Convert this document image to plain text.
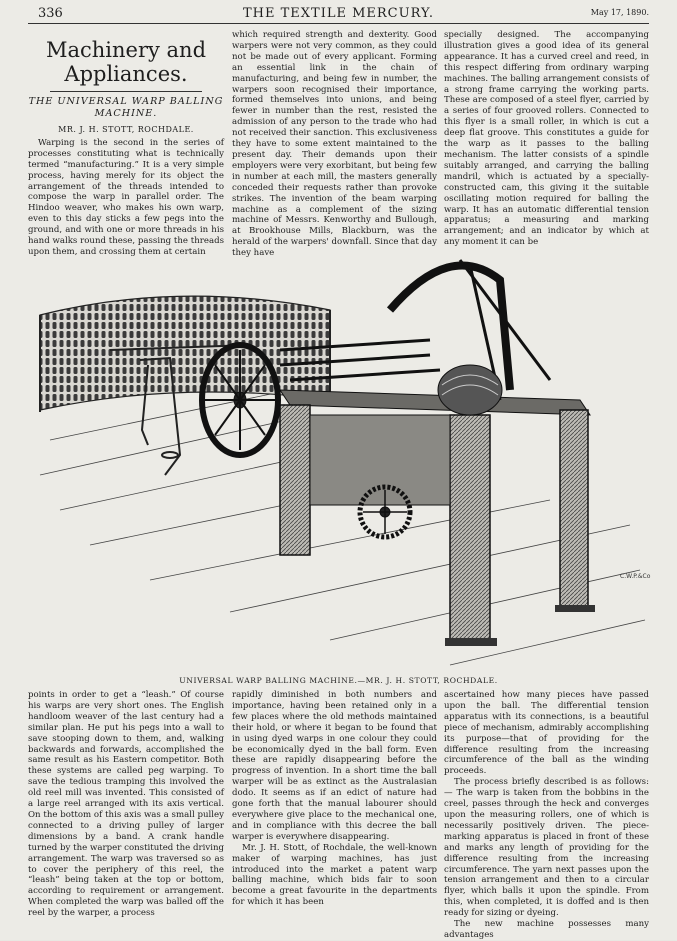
336	THE TEXTILE MERCURY.	May 17, 1890.
Machinery and
Appliances.
THE UNIVERSAL WARP BALLING MACHINE.
MR. J. H. STOTT, ROCHDALE.

Warping is the second in the series of processes constituting what is technically termed “manufacturing.” It is a very simple process, having merely for its object the arrangement of the threads intended to compose the warp in parallel order. The Hindoo weaver, who makes his own warp, even to this day sticks a few pegs into the ground, and with one or more threads in his hand walks round these, passing the threads upon them, and crossing them at certain

which required strength and dexterity. Good warpers were not very common, as they could not be made out of every applicant. Forming an essential link in the chain of manufacturing, and being few in number, the warpers soon recognised their importance, formed themselves into unions, and being fewer in number than the rest, resisted the admission of any person to the trade who had not received their sanction. This exclusiveness they have to some extent maintained to the present day. Their demands upon their employers were very exorbitant, but being few in number at each mill, the masters generally conceded their requests rather than provoke strikes. The invention of the beam warping machine as a complement of the sizing machine of Messrs. Kenworthy and Bullough, at Brookhouse Mills, Blackburn, was the herald of the warpers' downfall. Since that day they have

specially designed. The accompanying illustration gives a good idea of its general appearance. It has a curved creel and reed, in this respect differing from ordinary warping machines. The balling arrangement consists of a strong frame carrying the working parts. These are composed of a steel flyer, carried by a series of four grooved rollers. Connected to this flyer is a small roller, in which is cut a deep flat groove. This constitutes a guide for the warp as it passes to the balling mechanism. The latter consists of a spindle suitably arranged, and carrying the balling mandril, which is actuated by a specially-constructed cam, this giving it the suitable oscillating motion required for balling the warp. It has an automatic differential tension apparatus; a measuring and marking arrangement; and an indicator by which at any moment it can be

C.W.P.&Co
UNIVERSAL WARP BALLING MACHINE.—MR. J. H. STOTT, ROCHDALE.

points in order to get a “leash.” Of course his warps are very short ones. The English handloom weaver of the last century had a similar plan. He put his pegs into a wall to save stooping down to them, and, walking backwards and forwards, accomplished the same result as his Eastern competitor. Both these systems are called peg warping. To save the tedious tramping this involved the old reel mill was invented. This consisted of a large reel arranged with its axis vertical. On the bottom of this axis was a small pulley connected to a driving pulley of larger dimensions by a band. A crank handle turned by the warper constituted the driving arrangement. The warp was traversed so as to cover the periphery of this reel, the “leash” being taken at the top or bottom, according to requirement or arrangement. When completed the warp was balled off the reel by the warper, a process

rapidly diminished in both numbers and importance, having been retained only in a few places where the old methods maintained their hold, or where it began to be found that in using dyed warps in one colour they could be economically dyed in the ball form. Even these are rapidly disappearing before the progress of invention. In a short time the ball warper will be as extinct as the Australasian dodo. It seems as if an edict of nature had gone forth that the manual labourer should everywhere give place to the mechanical one, and in compliance with this decree the ball warper is everywhere disappearing.

Mr. J. H. Stott, of Rochdale, the well-known maker of warping machines, has just introduced into the market a patent warp balling machine, which bids fair to soon become a great favourite in the departments for which it has been

ascertained how many pieces have passed upon the ball. The differential tension apparatus with its connections, is a beautiful piece of mechanism, admirably accomplishing its purpose—that of providing for the difference resulting from the increasing circumference of the ball as the winding proceeds.

The process briefly described is as follows:— The warp is taken from the bobbins in the creel, passes through the heck and converges upon the measuring rollers, one of which is necessarily positively driven. The piece-marking apparatus is placed in front of these and marks any length of providing for the difference resulting from the increasing circumference. The yarn next passes upon the tension arrangement and then to a circular flyer, which balls it upon the spindle. From this, when completed, it is doffed and is then ready for sizing or dyeing.

The new machine possesses many advantages
